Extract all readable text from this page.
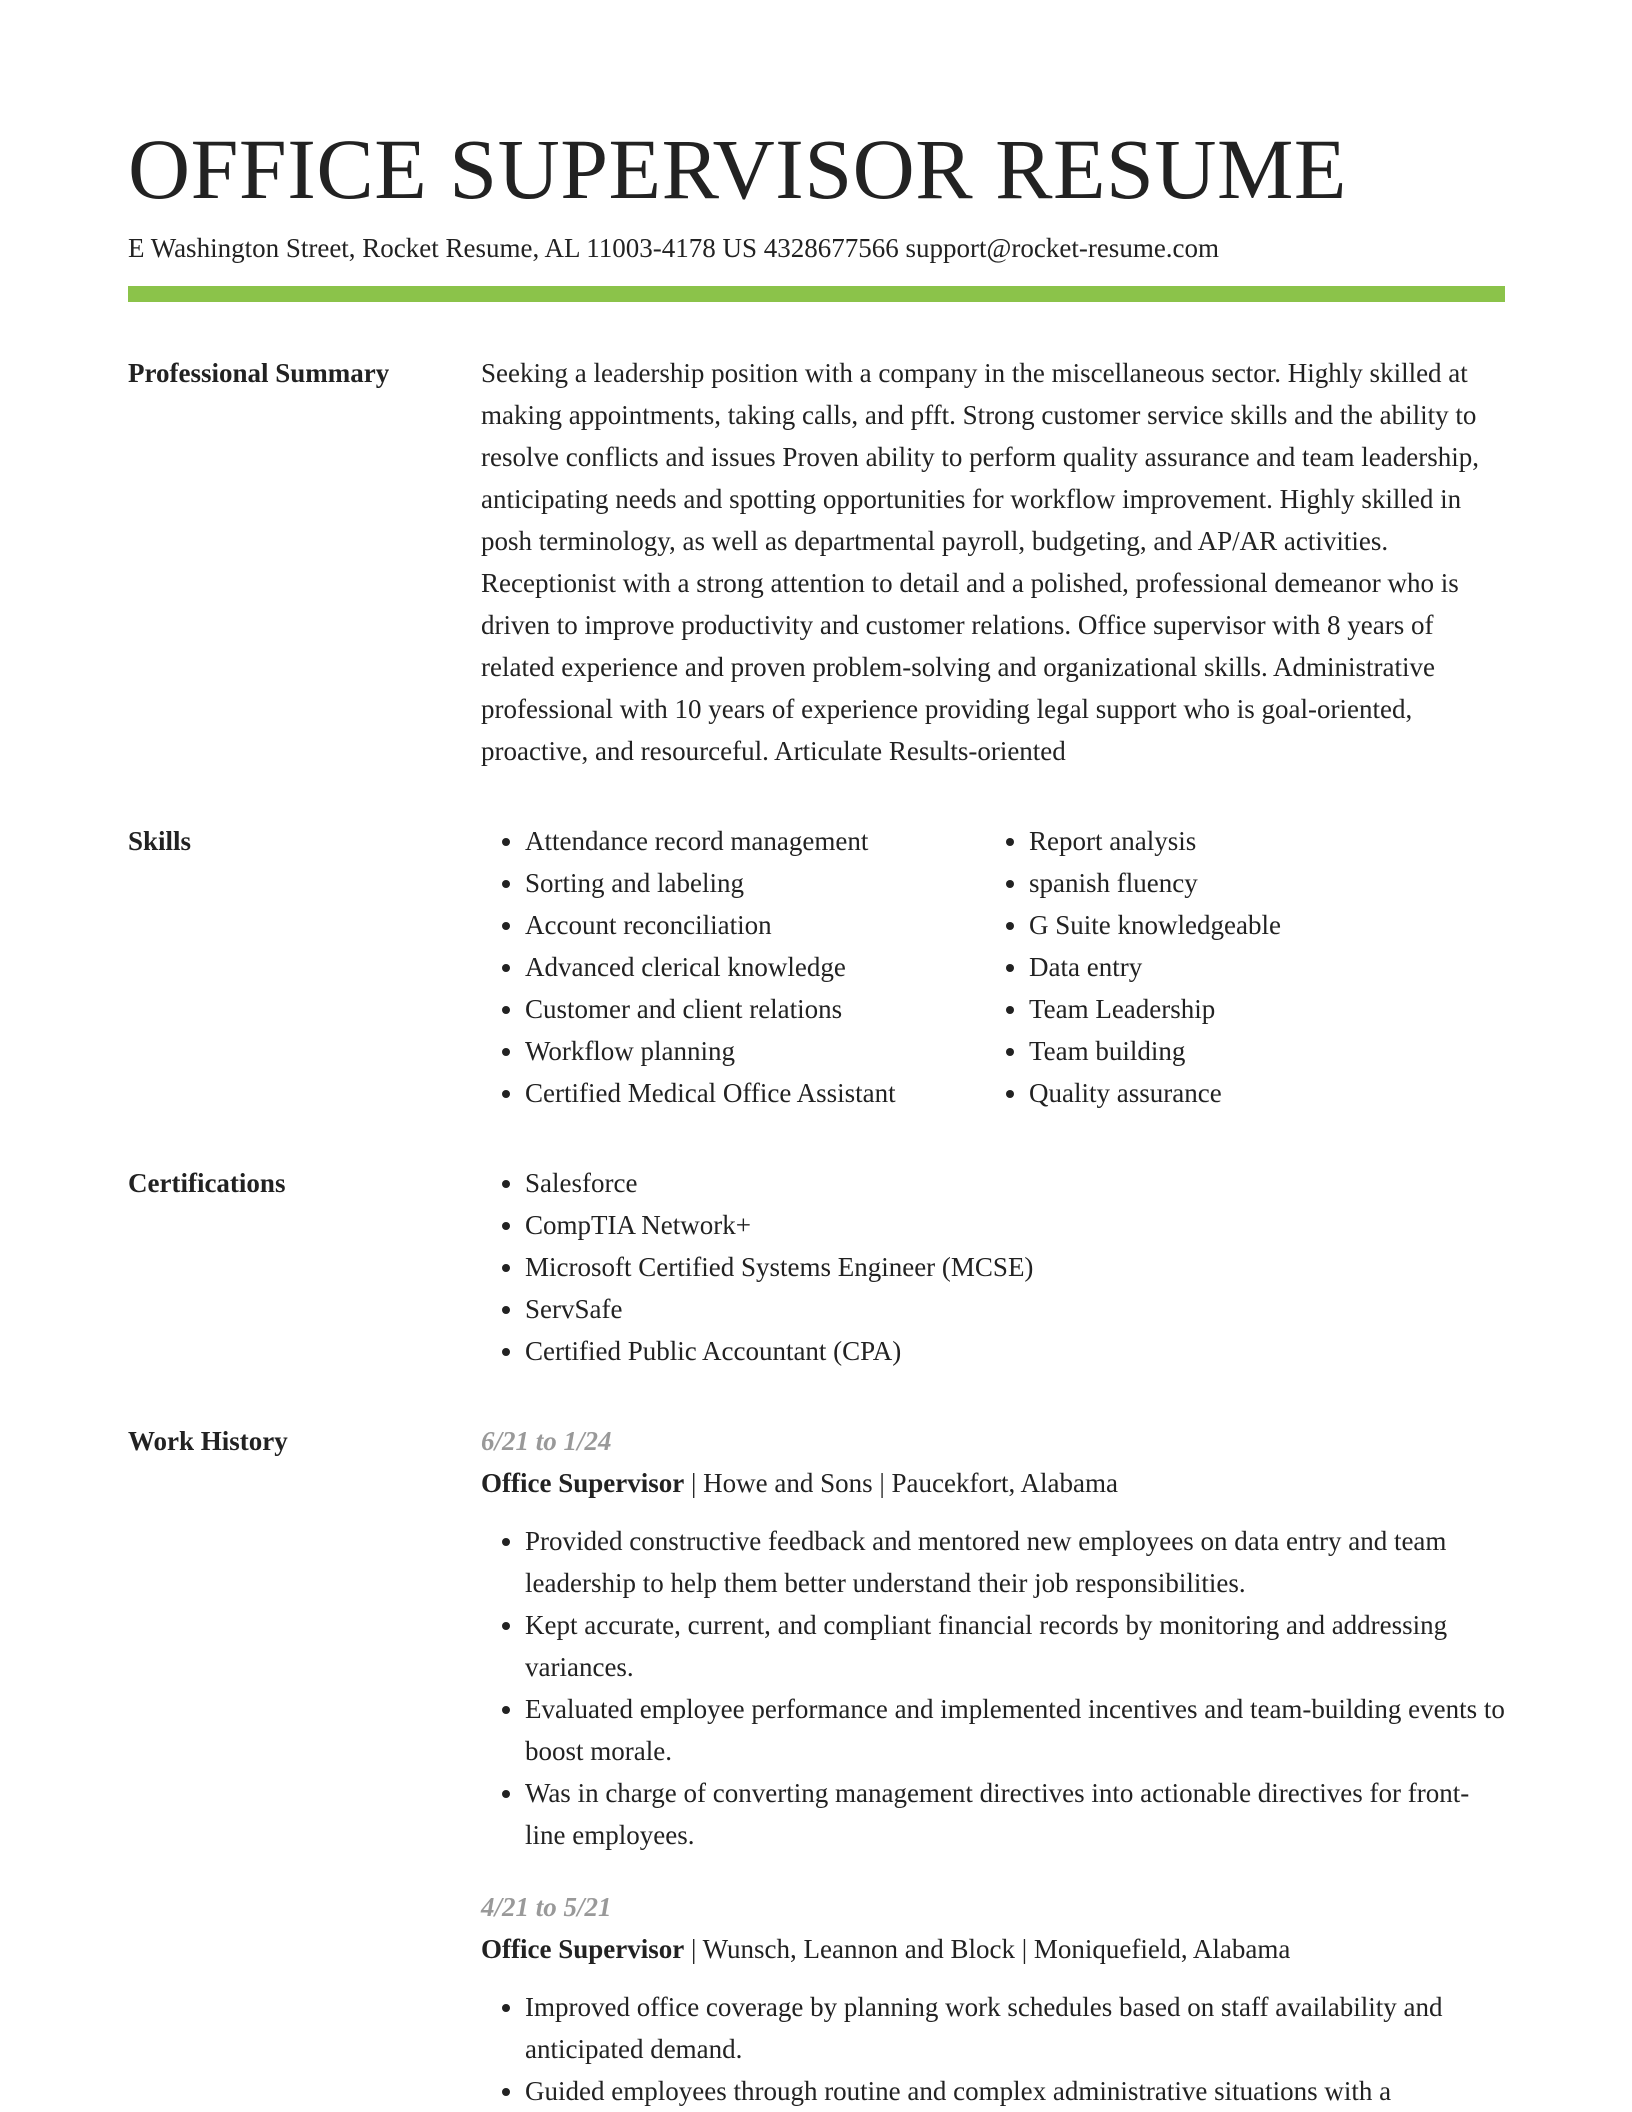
OFFICE SUPERVISOR RESUME
E Washington Street, Rocket Resume, AL 11003-4178 US 4328677566 support@rocket-resume.com
Professional Summary	Seeking a leadership position with a company in the miscellaneous sector. Highly skilled at making appointments, taking calls, and pfft. Strong customer service skills and the ability to resolve conflicts and issues Proven ability to perform quality assurance and team leadership, anticipating needs and spotting opportunities for workflow improvement. Highly skilled in posh terminology, as well as departmental payroll, budgeting, and AP/AR activities. Receptionist with a strong attention to detail and a polished, professional demeanor who is driven to improve productivity and customer relations. Office supervisor with 8 years of related experience and proven problem-solving and organizational skills. Administrative professional with 10 years of experience providing legal support who is goal-oriented, proactive, and resourceful. Articulate Results-oriented

Skills	• Attendance record management
• Sorting and labeling
• Account reconciliation
• Advanced clerical knowledge
• Customer and client relations
• Workflow planning
• Certified Medical Office Assistant
• Report analysis
• spanish fluency
• G Suite knowledgeable
• Data entry
• Team Leadership
• Team building
• Quality assurance
Certifications	• Salesforce
• CompTIA Network+
• Microsoft Certified Systems Engineer (MCSE)
• ServSafe
• Certified Public Accountant (CPA)
Work History	6/21 to 1/24

Office Supervisor | Howe and Sons | Paucekfort, Alabama

• Provided constructive feedback and mentored new employees on data entry and team leadership to help them better understand their job responsibilities.
• Kept accurate, current, and compliant financial records by monitoring and addressing variances.
• Evaluated employee performance and implemented incentives and team-building events to boost morale.
• Was in charge of converting management directives into actionable directives for front-line employees.
4/21 to 5/21

Office Supervisor | Wunsch, Leannon and Block | Moniquefield, Alabama

• Improved office coverage by planning work schedules based on staff availability and anticipated demand.
• Guided employees through routine and complex administrative situations with a
